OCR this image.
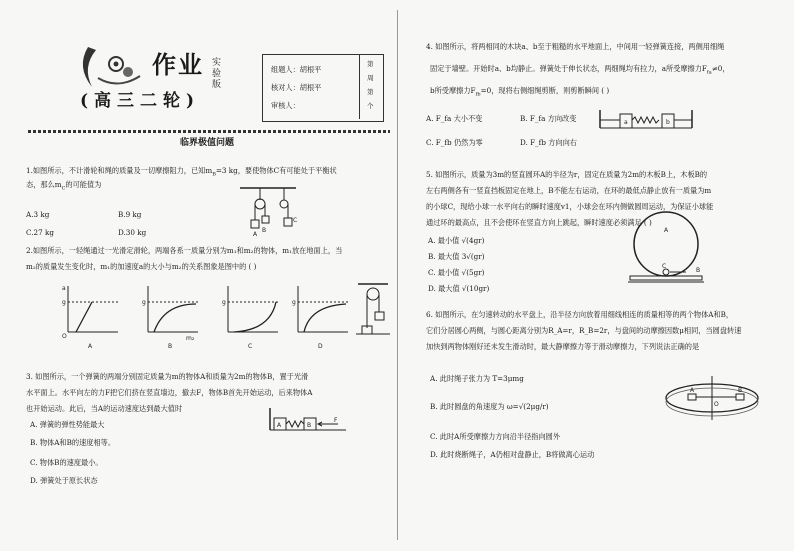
作业 实
验
版
(高三二轮)
组题人：胡根平
核对人：胡根平
审核人：
第
周
第
个
临界极值问题
1.如图所示，不计滑轮和绳的质量及一切摩擦阻力，已知$m_B=3$ kg，要使物体C有可能处于平衡状
态，那么$m_C$的可能值为
A.3 kg	B.9 kg
C.27 kg	D.30 kg	A
B
C
2.如图所示，一轻绳通过一光滑定滑轮，两端各系一质量分别为m₁和m₂的物体，m₁放在地面上，当
m₂的质量发生变化时，m₁的加速度a的大小与m₂的关系图象是图中的 ( )
O
g
a
A
g
m₂
B
g
C
g
D
3. 如图所示，一个弹簧的两端分别固定质量为m的物体A和质量为2m的物体B，置于光滑
水平面上。水平向左的力F把它们挤在竖直墙边，撤去F，物体B首先开始运动，后来物体A
也开始运动。此后，当A的运动速度达到最大值时
A. 弹簧的弹性势能最大
B. 物体A和B的速度相等。
C. 物体B的速度最小。
D. 弹簧处于原长状态
A	B
F
4. 如图所示，将两相同的木块a、b至于粗糙的水平地面上，中间用一轻弹簧连接，两侧用细绳
固定于墙壁。开始时a、b均静止。弹簧处于伸长状态，两细绳均有拉力，a所受摩擦力$F_{fa}\ne 0$，
b所受摩擦力$F_{fb}=0$，现将右侧细绳剪断，则剪断瞬间 ( )
A. F_fa 大小不变	B. F_fa 方向改变
C. F_fb 仍然为零	D. F_fb 方向向右
a	b
5. 如图所示，质量为3m的竖直圆环A的半径为r，固定在质量为2m的木板B上，木板B的
左右两侧各有一竖直挡板固定在地上，B不能左右运动，在环的最低点静止放有一质量为m
的小球C，现给小球一水平向右的瞬时速度v1，小球会在环内侧做圆周运动，为保证小球能
通过环的最高点，且不会使环在竖直方向上跳起，瞬时速度必须满足 ( )
A. 最小值 √(4gr)
B. 最大值 3√(gr)
C. 最小值 √(5gr)
D. 最大值 √(10gr)
A
B
C
6. 如图所示，在匀速转动的水平盘上，沿半径方向放着用细线相连的质量相等的两个物体A和B，
它们分居圆心两侧，与圆心距离分别为R_A=r，R_B=2r，与盘间的动摩擦因数μ相同，当圆盘转速
加快到两物体刚好还未发生滑动时，最大静摩擦力等于滑动摩擦力，下列说法正确的是
A. 此时绳子张力为 T=3μmg
B. 此时圆盘的角速度为 ω=√(2μg/r)
C. 此时A所受摩擦力方向沿半径指向圆外
D. 此时烧断绳子，A仍相对盘静止，B将做离心运动
A	B
O
